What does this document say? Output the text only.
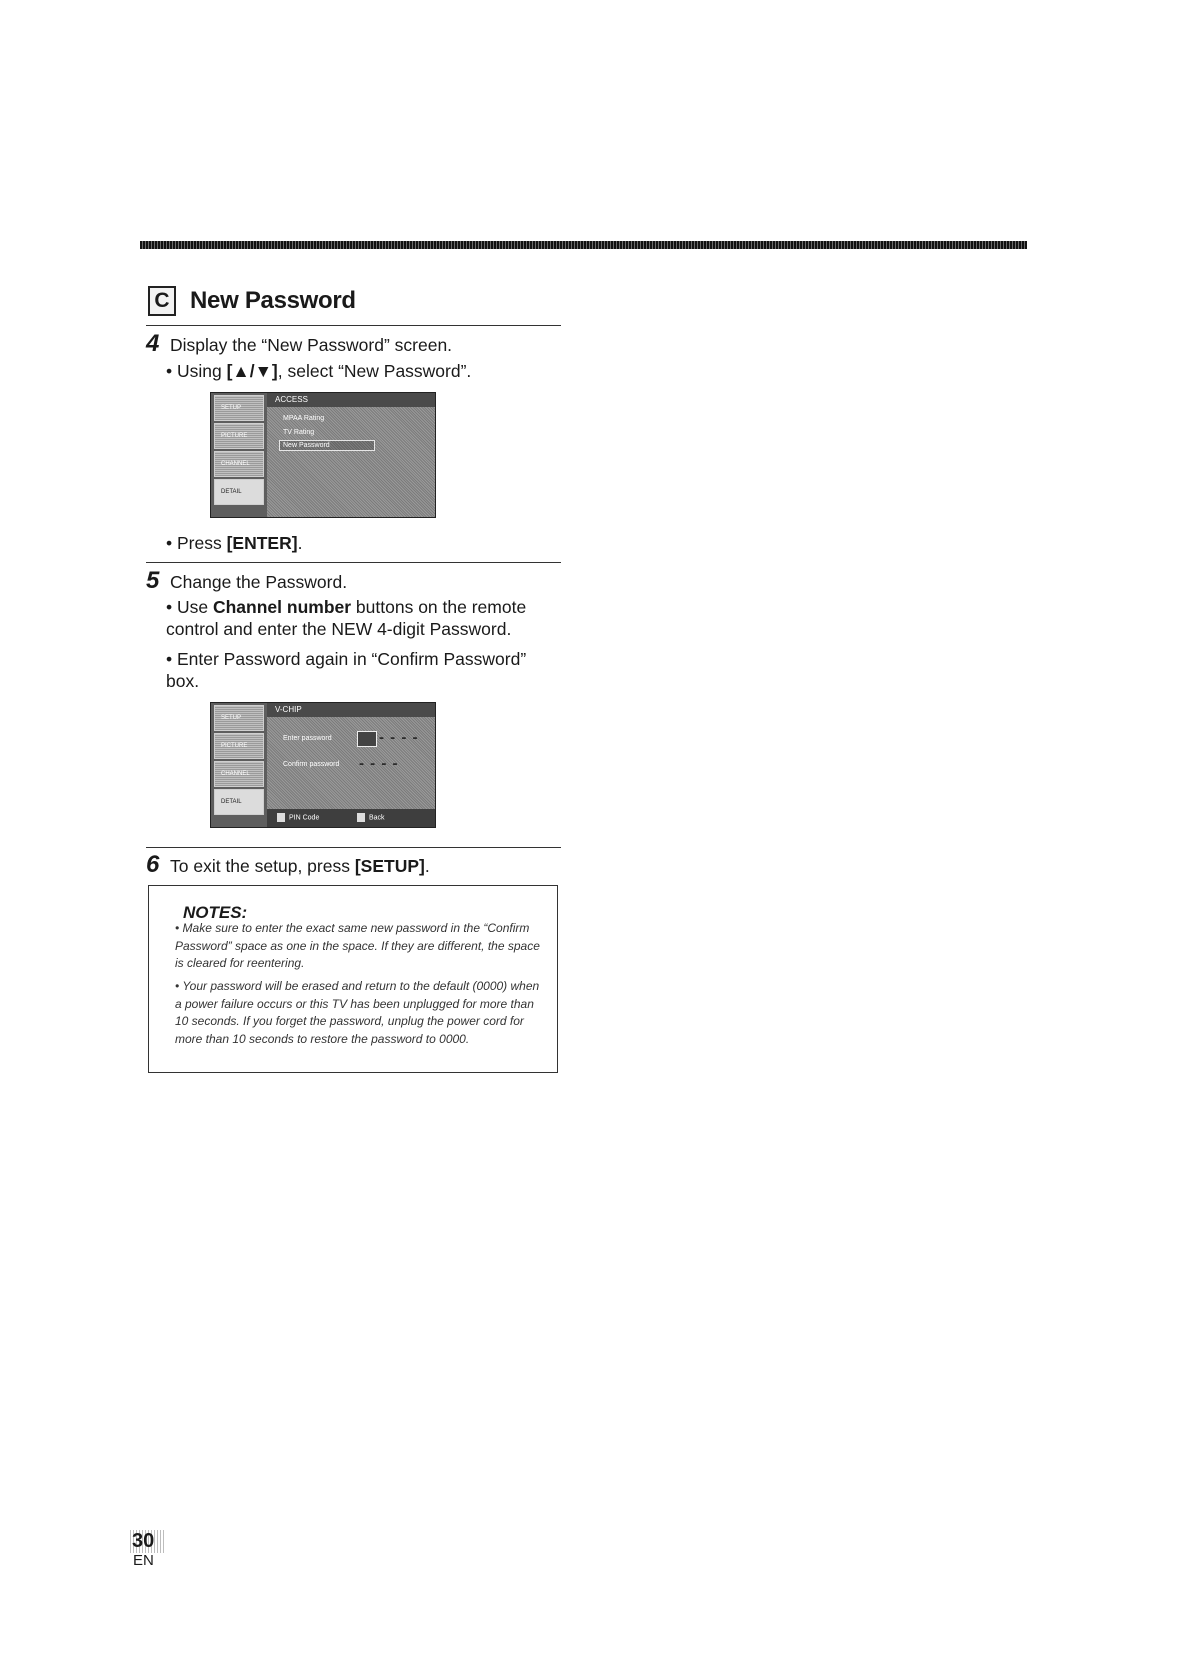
C New Password
4 Display the “New Password” screen.
• Using [▲/▼], select “New Password”.
SETUP
PICTURE
CHANNEL
DETAIL
ACCESS
MPAA Rating
TV Rating
New Password
• Press [ENTER].
5 Change the Password.
• Use Channel number buttons on the remote control and enter the NEW 4-digit Password.
• Enter Password again in “Confirm Password” box.
SETUP
PICTURE
CHANNEL
DETAIL
V-CHIP
Enter password	- - - -
Confirm password - - - -
PIN Code	Back
6 To exit the setup, press [SETUP].
NOTES:
• Make sure to enter the exact same new password in the “Confirm Password” space as one in the space. If they are different, the space is cleared for reentering.
• Your password will be erased and return to the default (0000) when a power failure occurs or this TV has been unplugged for more than 10 seconds. If you forget the password, unplug the power cord for more than 10 seconds to restore the password to 0000.
30
EN
